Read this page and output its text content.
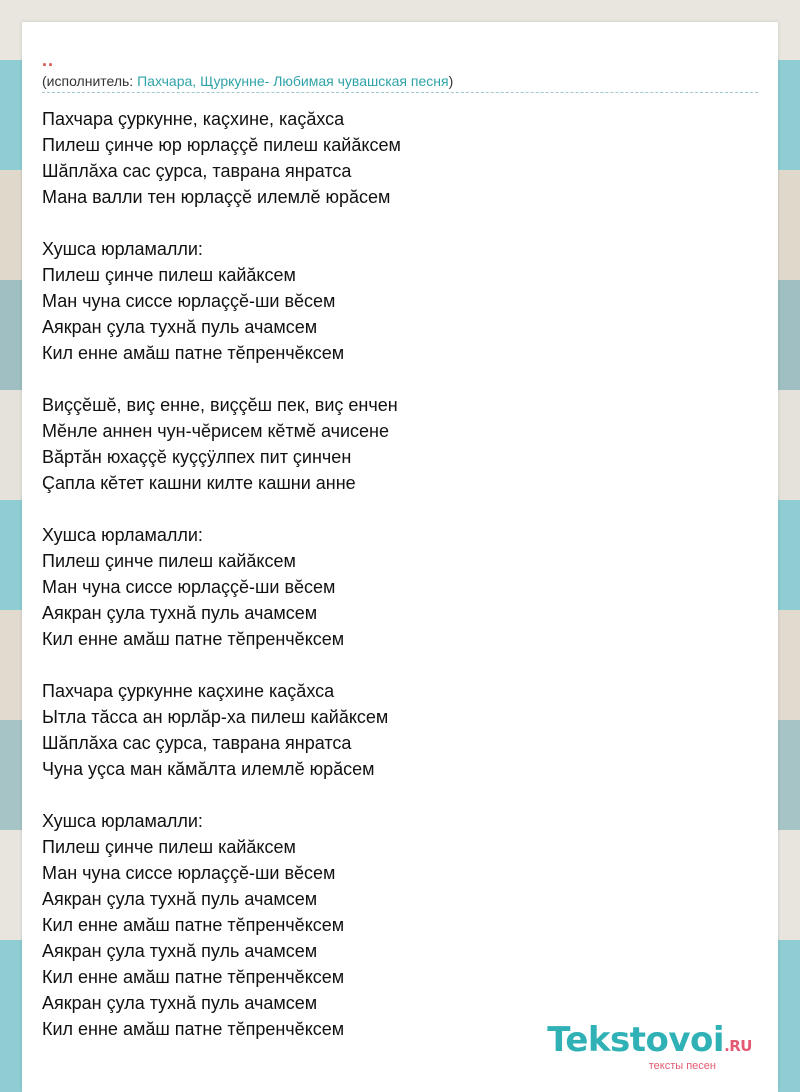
..
(исполнитель: Пахчара, Щуркунне- Любимая чувашская песня)
Пахчара çуркунне, каçхине, каçăхса
Пилеш çинче юр юрлаççĕ пилеш кайăксем
Шăплăха сас çурса, таврана янратса
Мана валли тен юрлаççĕ илемлĕ юрăсем
Хушса юрламалли:
Пилеш çинче пилеш кайăксем
Ман чуна сиссе юрлаççĕ-ши вĕсем
Аякран çула тухнă пуль ачамсем
Кил енне амăш патне тĕпренчĕксем
Виççĕшĕ, виç енне, виççĕш пек, виç енчен
Мĕнле аннен чун-чĕрисем кĕтмĕ ачисене
Вăртăн юхаççĕ куççÿлпех пит çинчен
Çапла кĕтет кашни килте кашни анне
Хушса юрламалли:
Пилеш çинче пилеш кайăксем
Ман чуна сиссе юрлаççĕ-ши вĕсем
Аякран çула тухнă пуль ачамсем
Кил енне амăш патне тĕпренчĕксем
Пахчара çуркунне каçхине каçăхса
Ытла тăсса ан юрлăр-ха пилеш кайăксем
Шăплăха сас çурса, таврана янратса
Чуна уçса ман кăмăлта илемлĕ юрăсем
Хушса юрламалли:
Пилеш çинче пилеш кайăксем
Ман чуна сиссе юрлаççĕ-ши вĕсем
Аякран çула тухнă пуль ачамсем
Кил енне амăш патне тĕпренчĕксем
Аякран çула тухнă пуль ачамсем
Кил енне амăш патне тĕпренчĕксем
Аякран çула тухнă пуль ачамсем
Кил енне амăш патне тĕпренчĕксем	Tekstovoi.RU
тексты песен
